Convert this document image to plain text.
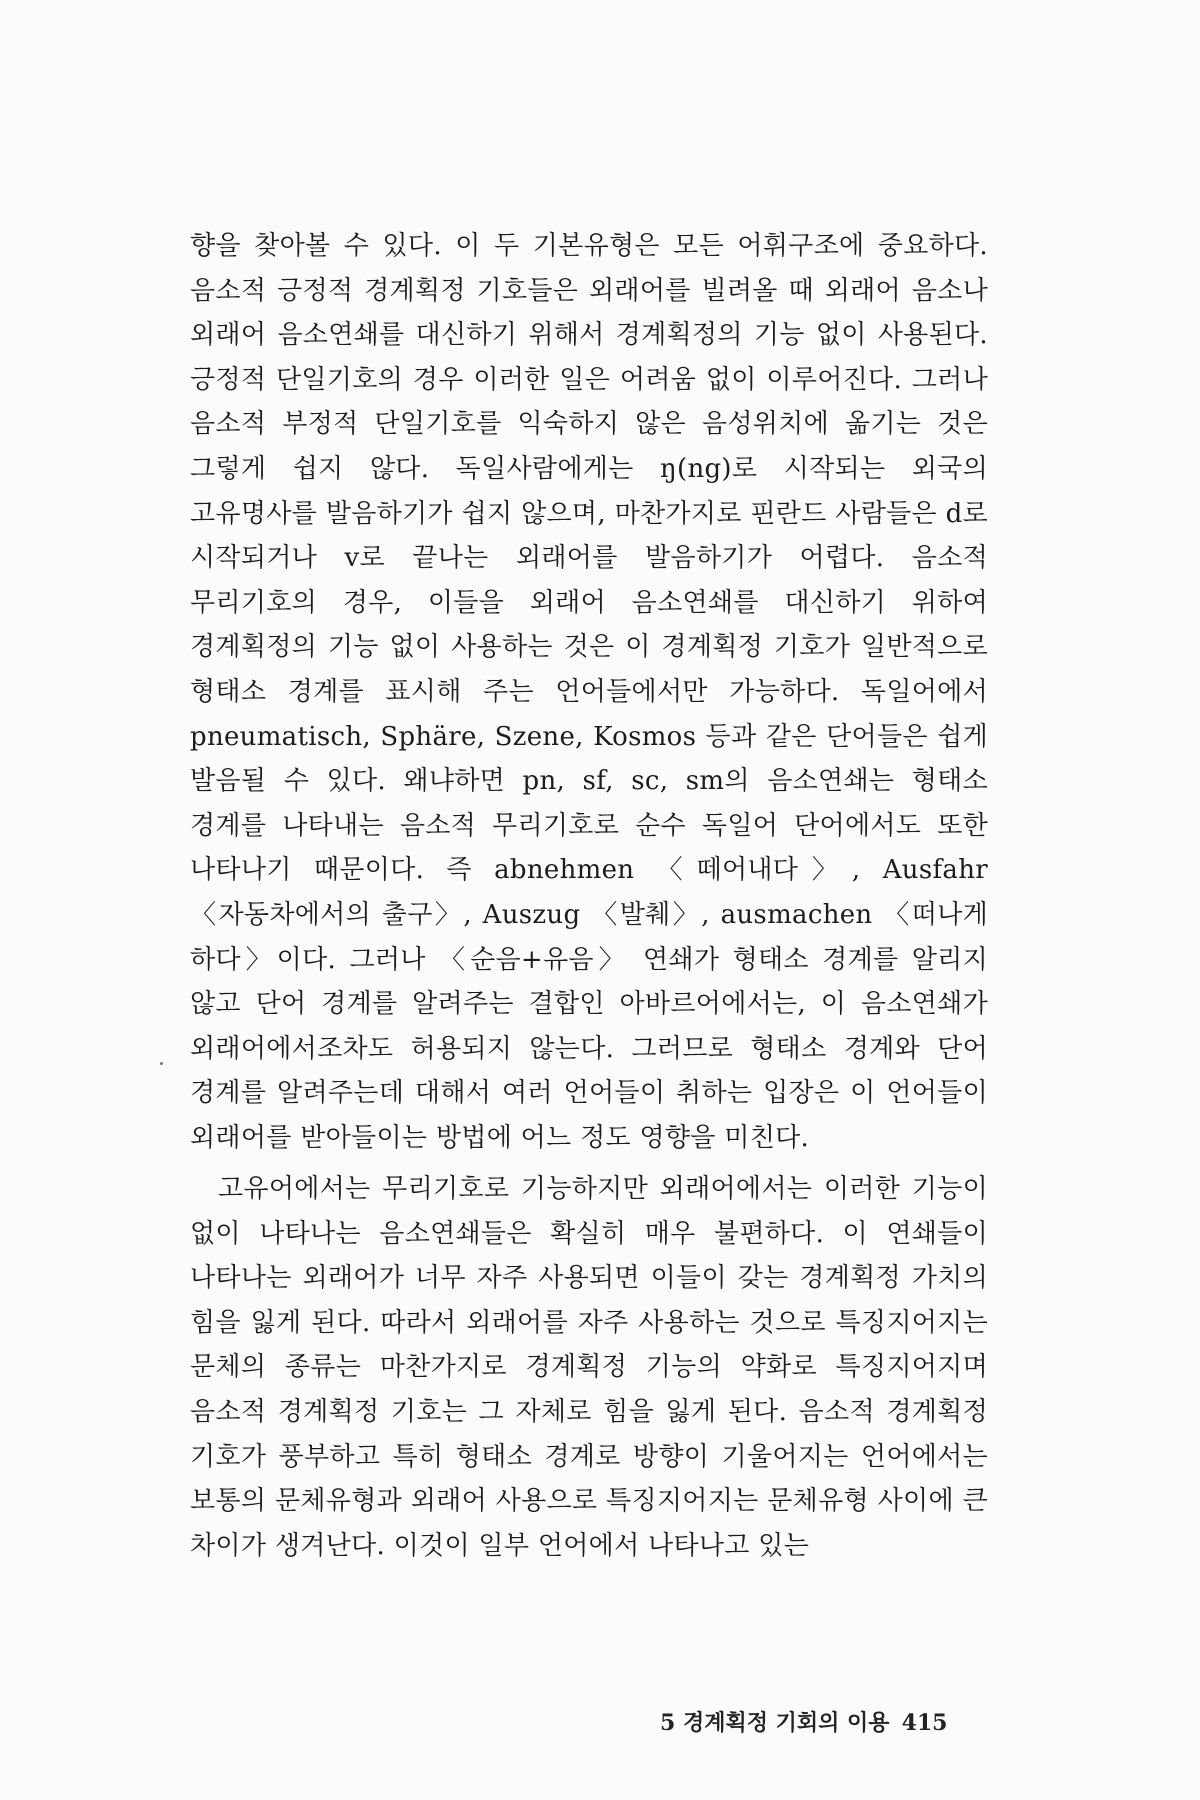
향을 찾아볼 수 있다. 이 두 기본유형은 모든 어휘구조에 중요하다. 음소적 긍정적 경계획정 기호들은 외래어를 빌려올 때 외래어 음소나 외래어 음소연쇄를 대신하기 위해서 경계획정의 기능 없이 사용된다. 긍정적 단일기호의 경우 이러한 일은 어려움 없이 이루어진다. 그러나 음소적 부정적 단일기호를 익숙하지 않은 음성위치에 옮기는 것은 그렇게 쉽지 않다. 독일사람에게는 ŋ(ng)로 시작되는 외국의 고유명사를 발음하기가 쉽지 않으며, 마찬가지로 핀란드 사람들은 d로 시작되거나 v로 끝나는 외래어를 발음하기가 어렵다. 음소적 무리기호의 경우, 이들을 외래어 음소연쇄를 대신하기 위하여 경계획정의 기능 없이 사용하는 것은 이 경계획정 기호가 일반적으로 형태소 경계를 표시해 주는 언어들에서만 가능하다. 독일어에서 pneumatisch, Sphäre, Szene, Kosmos 등과 같은 단어들은 쉽게 발음될 수 있다. 왜냐하면 pn, sf, sc, sm의 음소연쇄는 형태소 경계를 나타내는 음소적 무리기호로 순수 독일어 단어에서도 또한 나타나기 때문이다. 즉 abnehmen 〈떼어내다〉, Ausfahr 〈자동차에서의 출구〉, Auszug 〈발췌〉, ausmachen 〈떠나게 하다〉이다. 그러나 〈순음+유음〉 연쇄가 형태소 경계를 알리지 않고 단어 경계를 알려주는 결합인 아바르어에서는, 이 음소연쇄가 외래어에서조차도 허용되지 않는다. 그러므로 형태소 경계와 단어 경계를 알려주는데 대해서 여러 언어들이 취하는 입장은 이 언어들이 외래어를 받아들이는 방법에 어느 정도 영향을 미친다.

고유어에서는 무리기호로 기능하지만 외래어에서는 이러한 기능이 없이 나타나는 음소연쇄들은 확실히 매우 불편하다. 이 연쇄들이 나타나는 외래어가 너무 자주 사용되면 이들이 갖는 경계획정 가치의 힘을 잃게 된다. 따라서 외래어를 자주 사용하는 것으로 특징지어지는 문체의 종류는 마찬가지로 경계획정 기능의 약화로 특징지어지며 음소적 경계획정 기호는 그 자체로 힘을 잃게 된다. 음소적 경계획정 기호가 풍부하고 특히 형태소 경계로 방향이 기울어지는 언어에서는 보통의 문체유형과 외래어 사용으로 특징지어지는 문체유형 사이에 큰 차이가 생겨난다. 이것이 일부 언어에서 나타나고 있는

5 경계획정 기회의 이용 415
